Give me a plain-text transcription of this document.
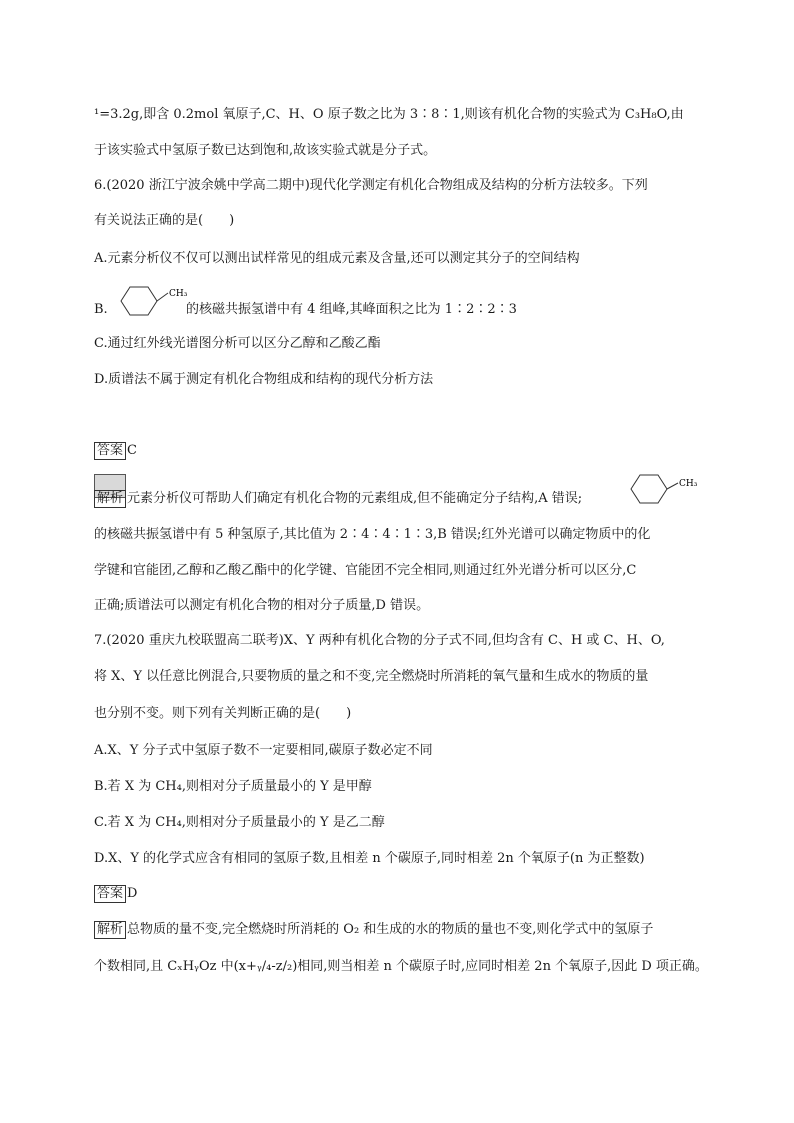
¹=3.2g,即含 0.2mol 氧原子,C、H、O 原子数之比为 3∶8∶1,则该有机化合物的实验式为 C₃H₈O,由
于该实验式中氢原子数已达到饱和,故该实验式就是分子式。
6.(2020 浙江宁波余姚中学高二期中)现代化学测定有机化合物组成及结构的分析方法较多。下列
有关说法正确的是(　　)
A.元素分析仪不仅可以测出试样常见的组成元素及含量,还可以测定其分子的空间结构
B.
CH₃
的核磁共振氢谱中有 4 组峰,其峰面积之比为 1∶2∶2∶3
C.通过红外线光谱图分析可以区分乙醇和乙酸乙酯
D.质谱法不属于测定有机化合物组成和结构的现代分析方法
答案 C
解析 元素分析仪可帮助人们确定有机化合物的元素组成,但不能确定分子结构,A 错误;
CH₃
的核磁共振氢谱中有 5 种氢原子,其比值为 2∶4∶4∶1∶3,B 错误;红外光谱可以确定物质中的化
学键和官能团,乙醇和乙酸乙酯中的化学键、官能团不完全相同,则通过红外光谱分析可以区分,C
正确;质谱法可以测定有机化合物的相对分子质量,D 错误。
7.(2020 重庆九校联盟高二联考)X、Y 两种有机化合物的分子式不同,但均含有 C、H 或 C、H、O,
将 X、Y 以任意比例混合,只要物质的量之和不变,完全燃烧时所消耗的氧气量和生成水的物质的量
也分别不变。则下列有关判断正确的是(　　)
A.X、Y 分子式中氢原子数不一定要相同,碳原子数必定不同
B.若 X 为 CH₄,则相对分子质量最小的 Y 是甲醇
C.若 X 为 CH₄,则相对分子质量最小的 Y 是乙二醇
D.X、Y 的化学式应含有相同的氢原子数,且相差 n 个碳原子,同时相差 2n 个氧原子(n 为正整数)
答案 D
解析 总物质的量不变,完全燃烧时所消耗的 O₂ 和生成的水的物质的量也不变,则化学式中的氢原子
个数相同,且 CₓHᵧOz 中(x+ᵧ/₄-z/₂)相同,则当相差 n 个碳原子时,应同时相差 2n 个氧原子,因此 D 项正确。
